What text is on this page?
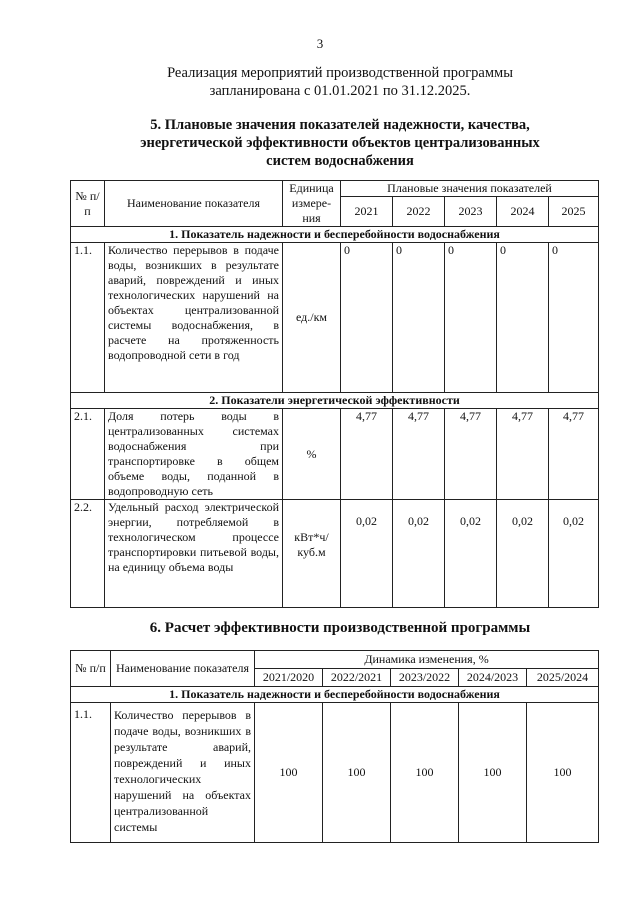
3
Реализация мероприятий производственной программы
запланирована с 01.01.2021 по 31.12.2025.
5. Плановые значения показателей надежности, качества,
энергетической эффективности объектов централизованных
систем водоснабжения
№ п/п	Наименование показателя	Единица измере-ния	Плановые значения показателей				
			2021	2022	2023	2024	2025
1. Показатель надежности и бесперебойности водоснабжения							
1.1.	Количество перерывов в подаче воды, возникших в результате аварий, повреждений и иных технологических нарушений на объектах централизованной системы водоснабжения, в расчете на протяженность водопроводной сети в год	ед./км	0	0	0	0	0
2. Показатели энергетической эффективности							
2.1.	Доля потерь воды в централизованных системах водоснабжения при транспортировке в общем объеме воды, поданной в водопроводную сеть	%	4,77	4,77	4,77	4,77	4,77
2.2.	Удельный расход электрической энергии, потребляемой в технологическом процессе транспортировки питьевой воды, на единицу объема воды	кВт*ч/ куб.м	0,02	0,02	0,02	0,02	0,02
6. Расчет эффективности производственной программы
№ п/п	Наименование показателя	Динамика изменения, %				
		2021/2020	2022/2021	2023/2022	2024/2023	2025/2024
1. Показатель надежности и бесперебойности водоснабжения						
1.1.	Количество перерывов в подаче воды, возникших в результате аварий, повреждений и иных технологических нарушений на объектах централизованной системы	100	100	100	100	100
